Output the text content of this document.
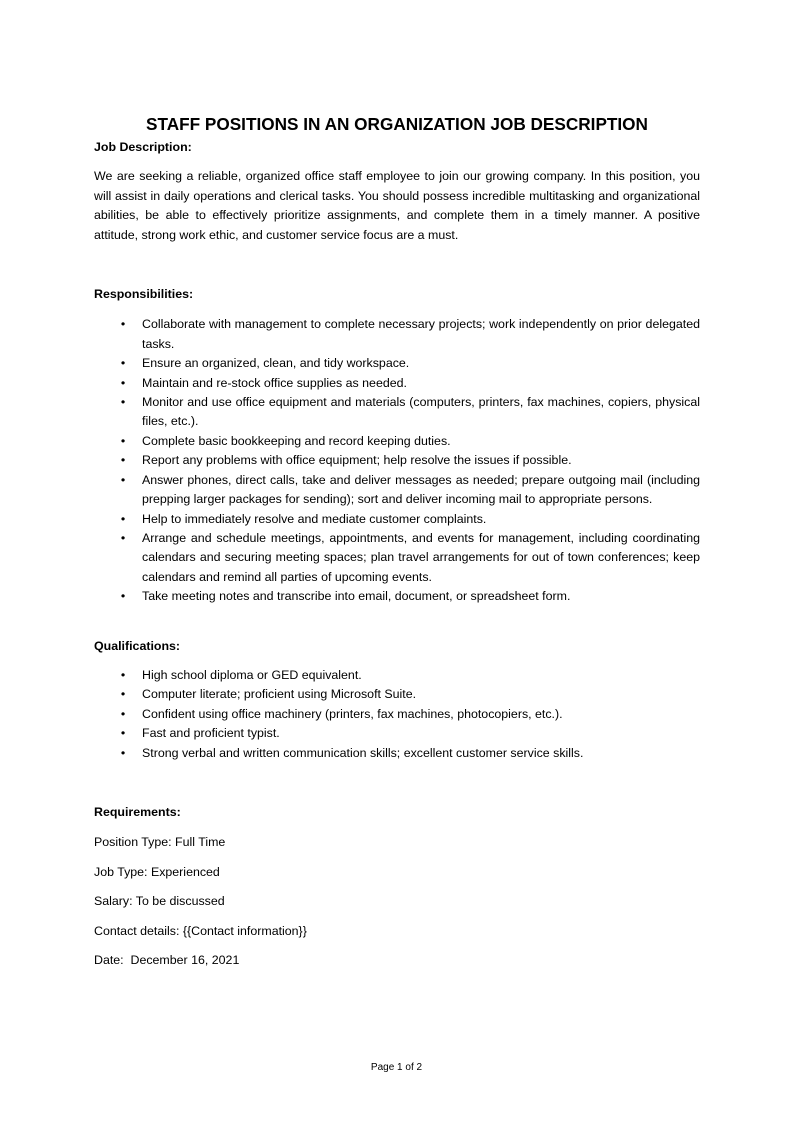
STAFF POSITIONS IN AN ORGANIZATION JOB DESCRIPTION

Job Description:

We are seeking a reliable, organized office staff employee to join our growing company. In this position, you will assist in daily operations and clerical tasks. You should possess incredible multitasking and organizational abilities, be able to effectively prioritize assignments, and complete them in a timely manner. A positive attitude, strong work ethic, and customer service focus are a must.

Responsibilities:

• Collaborate with management to complete necessary projects; work independently on prior delegated tasks.
• Ensure an organized, clean, and tidy workspace.
• Maintain and re-stock office supplies as needed.
• Monitor and use office equipment and materials (computers, printers, fax machines, copiers, physical files, etc.).
• Complete basic bookkeeping and record keeping duties.
• Report any problems with office equipment; help resolve the issues if possible.
• Answer phones, direct calls, take and deliver messages as needed; prepare outgoing mail (including prepping larger packages for sending); sort and deliver incoming mail to appropriate persons.
• Help to immediately resolve and mediate customer complaints.
• Arrange and schedule meetings, appointments, and events for management, including coordinating calendars and securing meeting spaces; plan travel arrangements for out of town conferences; keep calendars and remind all parties of upcoming events.
• Take meeting notes and transcribe into email, document, or spreadsheet form.

Qualifications:

• High school diploma or GED equivalent.
• Computer literate; proficient using Microsoft Suite.
• Confident using office machinery (printers, fax machines, photocopiers, etc.).
• Fast and proficient typist.
• Strong verbal and written communication skills; excellent customer service skills.

Requirements:

Position Type: Full Time

Job Type: Experienced

Salary: To be discussed

Contact details: {{Contact information}}

Date:  December 16, 2021

Page 1 of 2
